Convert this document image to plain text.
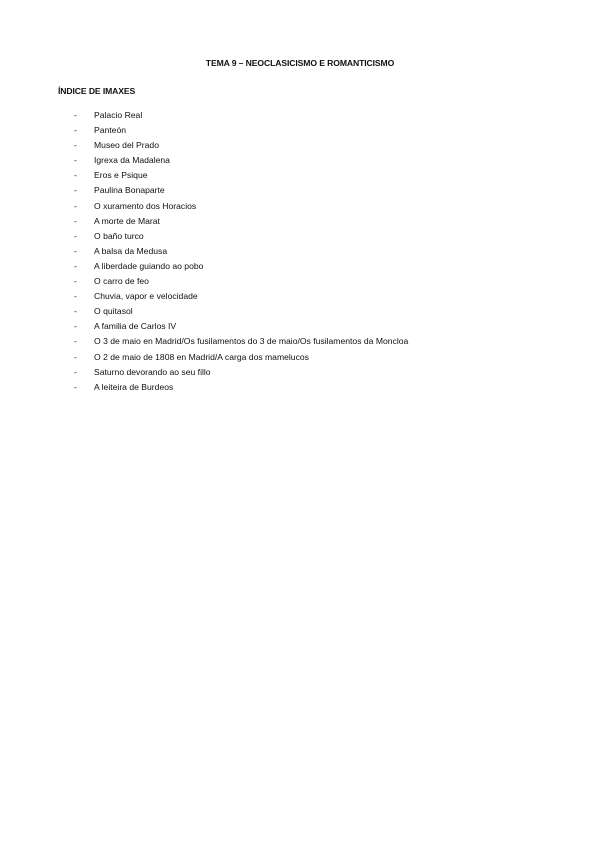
TEMA 9 – NEOCLASICISMO E ROMANTICISMO
ÍNDICE DE IMAXES
- Palacio Real
- Panteón
- Museo del Prado
- Igrexa da Madalena
- Eros e Psique
- Paulina Bonaparte
- O xuramento dos Horacios
- A morte de Marat
- O baño turco
- A balsa da Medusa
- A liberdade guiando ao pobo
- O carro de feo
- Chuvia, vapor e velocidade
- O quitasol
- A familia de Carlos IV
- O 3 de maio en Madrid/Os fusilamentos do 3 de maio/Os fusilamentos da Moncloa
- O 2 de maio de 1808 en Madrid/A carga dos mamelucos
- Saturno devorando ao seu fillo
- A leiteira de Burdeos
